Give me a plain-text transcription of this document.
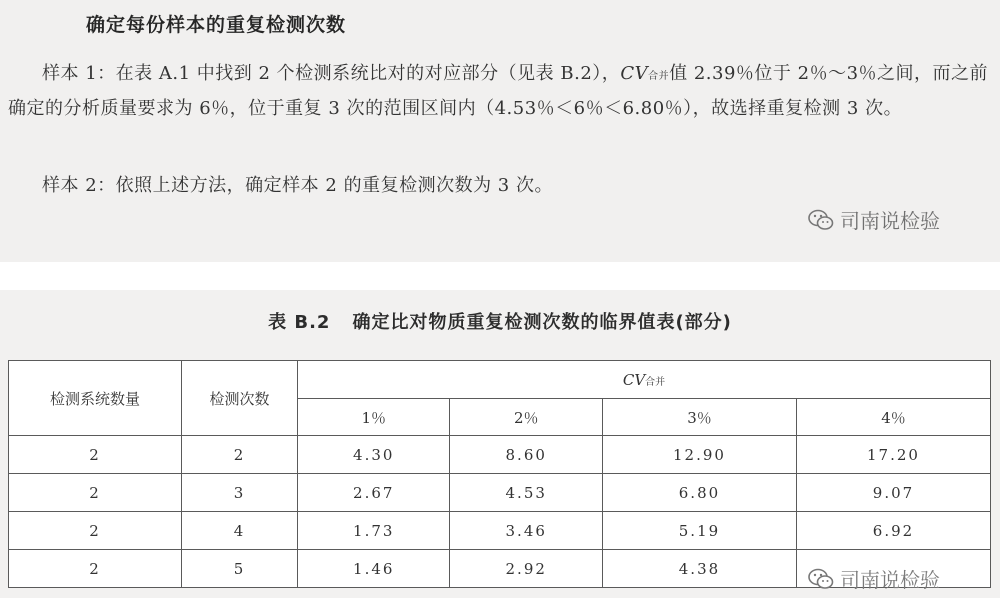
确定每份样本的重复检测次数
样本 1：在表 A.1 中找到 2 个检测系统比对的对应部分（见表 B.2），CV合并值 2.39％位于 2％～3％之间，而之前确定的分析质量要求为 6％，位于重复 3 次的范围区间内（4.53％＜6％＜6.80％），故选择重复检测 3 次。
样本 2：依照上述方法，确定样本 2 的重复检测次数为 3 次。
司南说检验
表 B.2 确定比对物质重复检测次数的临界值表(部分)
检测系统数量	检测次数	CV合并			
		1％	2％	3％	4％
2	2	4.30	8.60	12.90	17.20
2	3	2.67	4.53	6.80	9.07
2	4	1.73	3.46	5.19	6.92
2	5	1.46	2.92	4.38		司南说检验
